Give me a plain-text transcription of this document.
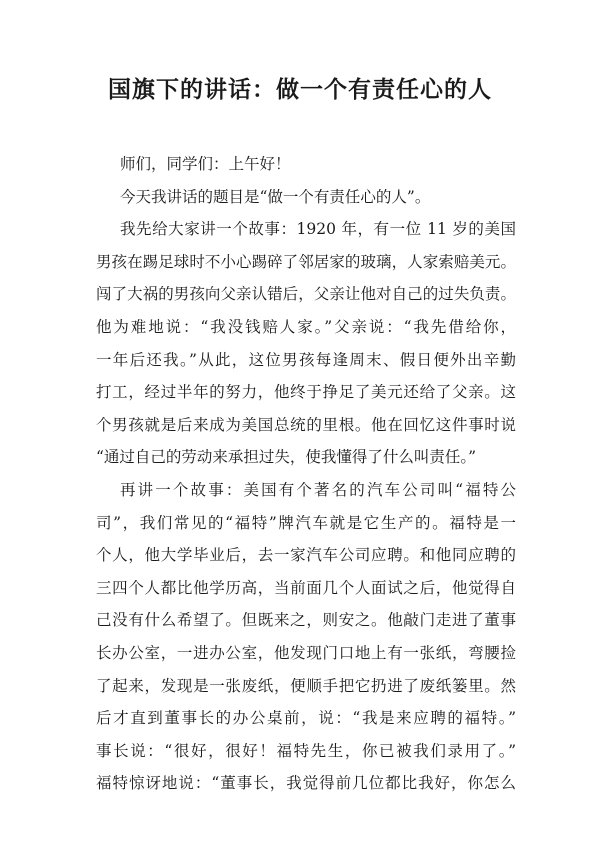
国旗下的讲话：做一个有责任心的人
师们，同学们：上午好！
今天我讲话的题目是“做一个有责任心的人”。
我先给大家讲一个故事：1920 年，有一位 11 岁的美国
男孩在踢足球时不小心踢碎了邻居家的玻璃，人家索赔美元。
闯了大祸的男孩向父亲认错后，父亲让他对自己的过失负责。
他为难地说：“我没钱赔人家。”父亲说：“我先借给你，
一年后还我。”从此，这位男孩每逢周末、假日便外出辛勤
打工，经过半年的努力，他终于挣足了美元还给了父亲。这
个男孩就是后来成为美国总统的里根。他在回忆这件事时说
“通过自己的劳动来承担过失，使我懂得了什么叫责任。”
再讲一个故事：美国有个著名的汽车公司叫“福特公
司”，我们常见的“福特”牌汽车就是它生产的。福特是一
个人，他大学毕业后，去一家汽车公司应聘。和他同应聘的
三四个人都比他学历高，当前面几个人面试之后，他觉得自
己没有什么希望了。但既来之，则安之。他敲门走进了董事
长办公室，一进办公室，他发现门口地上有一张纸，弯腰捡
了起来，发现是一张废纸，便顺手把它扔进了废纸篓里。然
后才直到董事长的办公桌前，说：“我是来应聘的福特。”
事长说：“很好，很好！福特先生，你已被我们录用了。”
福特惊讶地说：“董事长，我觉得前几位都比我好，你怎么
